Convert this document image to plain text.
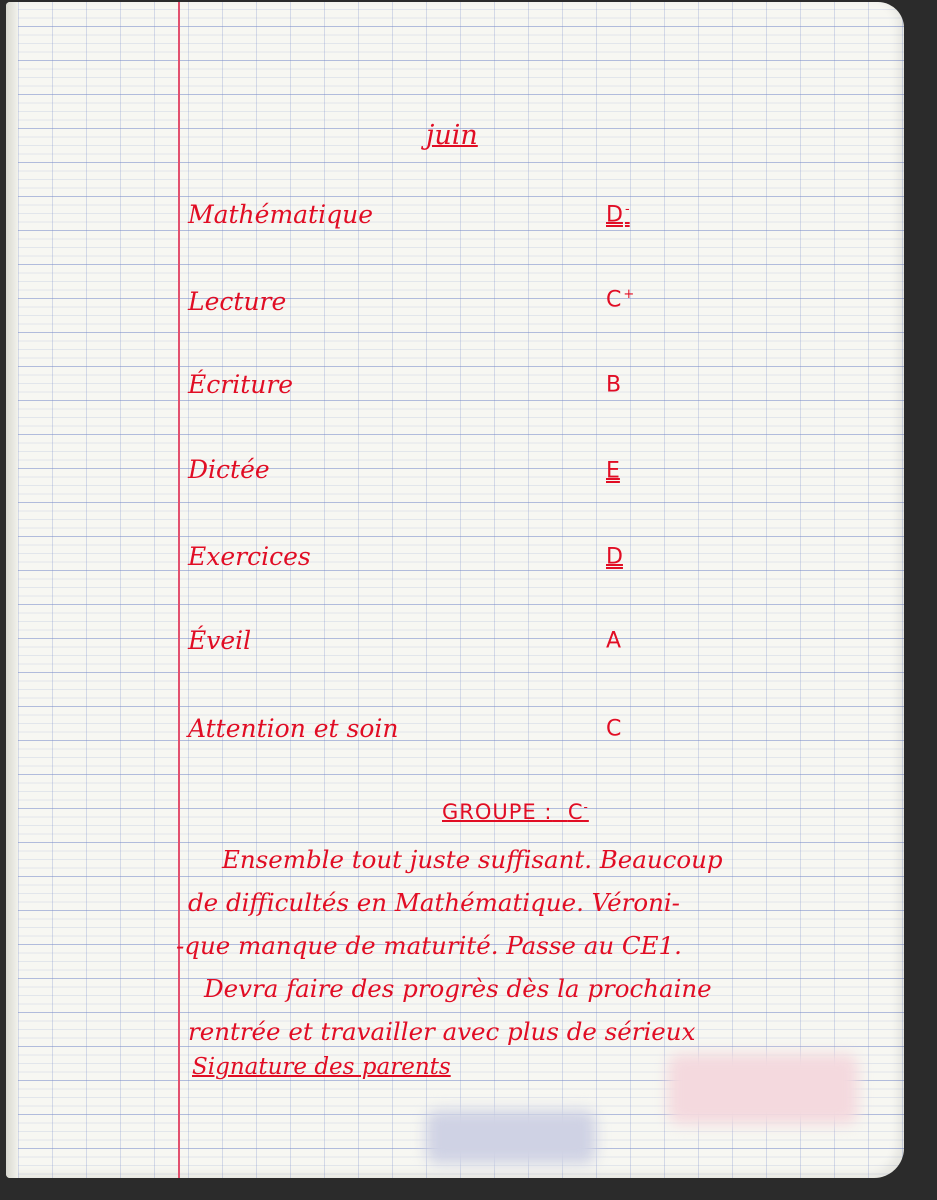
juin

Mathématique	D -

Lecture	C +

Écriture	B

Dictée	E

Exercices	D

Éveil	A

Attention et soin	C

GROUPE : C-

Ensemble tout juste suffisant. Beaucoup
de difficultés en Mathématique. Véroni-
-que manque de maturité. Passe au CE1.
Devra faire des progrès dès la prochaine
rentrée et travailler avec plus de sérieux

Signature des parents
